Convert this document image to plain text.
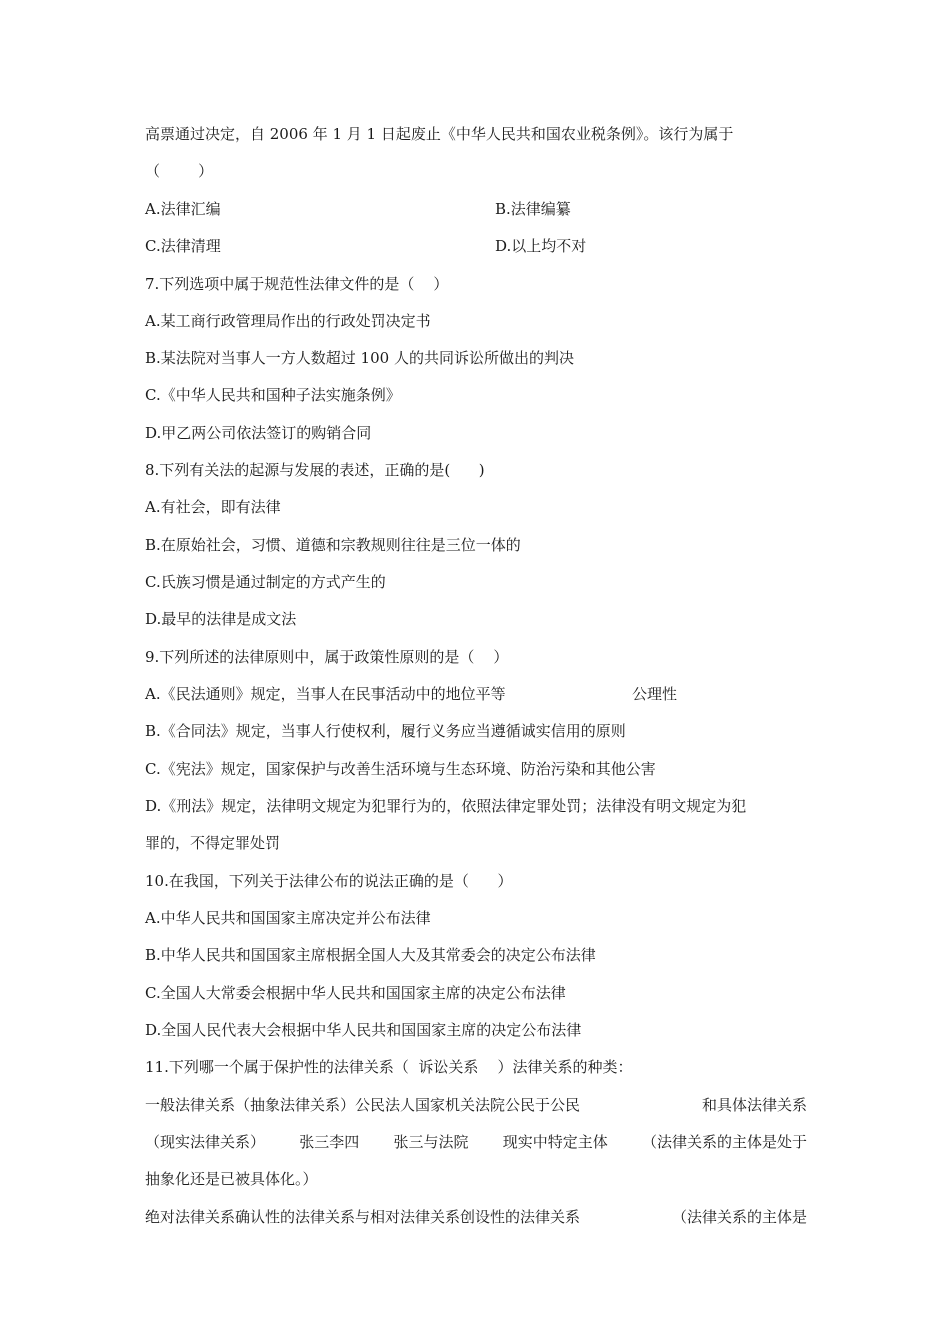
高票通过决定，自 2006 年 1 月 1 日起废止《中华人民共和国农业税条例》。该行为属于
（        ）
A.法律汇编	B.法律编纂
C.法律清理	D.以上均不对
7.下列选项中属于规范性法律文件的是（    ）
A.某工商行政管理局作出的行政处罚决定书
B.某法院对当事人一方人数超过 100 人的共同诉讼所做出的判决
C.《中华人民共和国种子法实施条例》
D.甲乙两公司依法签订的购销合同
8.下列有关法的起源与发展的表述，正确的是(      )
A.有社会，即有法律
B.在原始社会，习惯、道德和宗教规则往往是三位一体的
C.氏族习惯是通过制定的方式产生的
D.最早的法律是成文法
9.下列所述的法律原则中，属于政策性原则的是（    ）
A.《民法通则》规定，当事人在民事活动中的地位平等	公理性
B.《合同法》规定，当事人行使权利，履行义务应当遵循诚实信用的原则
C.《宪法》规定，国家保护与改善生活环境与生态环境、防治污染和其他公害
D.《刑法》规定，法律明文规定为犯罪行为的，依照法律定罪处罚；法律没有明文规定为犯
罪的，不得定罪处罚
10.在我国，下列关于法律公布的说法正确的是（      ）
A.中华人民共和国国家主席决定并公布法律
B.中华人民共和国国家主席根据全国人大及其常委会的决定公布法律
C.全国人大常委会根据中华人民共和国国家主席的决定公布法律
D.全国人民代表大会根据中华人民共和国国家主席的决定公布法律
11.下列哪一个属于保护性的法律关系（  诉讼关系    ）法律关系的种类：
一般法律关系（抽象法律关系）公民法人国家机关法院公民于公民	和具体法律关系
（现实法律关系） 张三李四 张三与法院 现实中特定主体 （法律关系的主体是处于
抽象化还是已被具体化。）
绝对法律关系确认性的法律关系与相对法律关系创设性的法律关系	（法律关系的主体是
